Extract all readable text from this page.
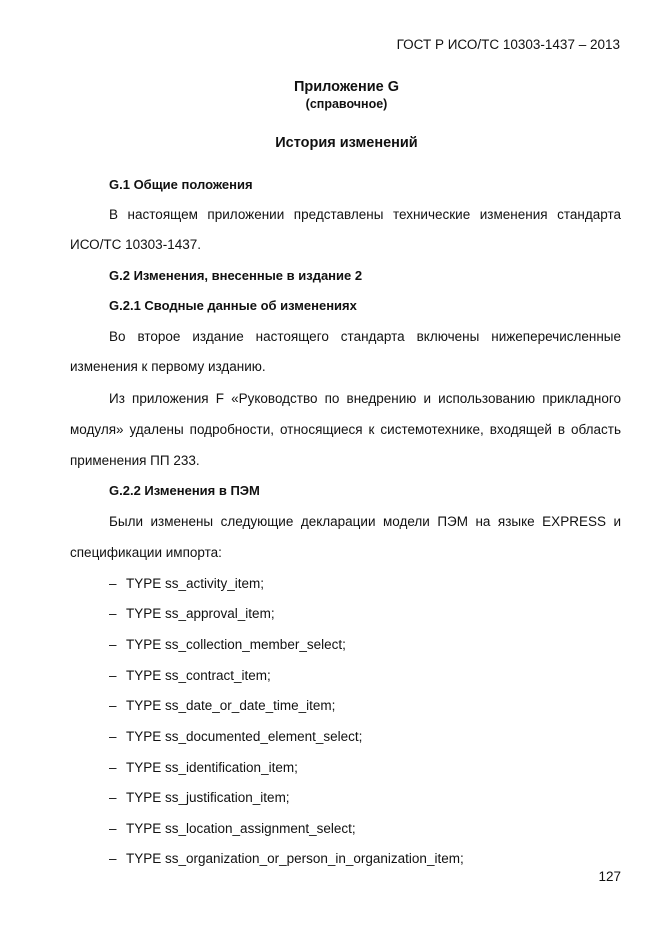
ГОСТ Р ИСО/ТС 10303-1437 – 2013
Приложение G
(справочное)
История изменений
G.1 Общие положения
В настоящем приложении представлены технические изменения стандарта
ИСО/ТС 10303-1437.
G.2 Изменения, внесенные в издание 2
G.2.1 Сводные данные об изменениях
Во второе издание настоящего стандарта включены нижеперечисленные
изменения к первому изданию.
Из приложения F «Руководство по внедрению и использованию прикладного
модуля» удалены подробности, относящиеся к системотехнике, входящей в область
применения ПП 233.
G.2.2 Изменения в ПЭМ
Были изменены следующие декларации модели ПЭМ на языке EXPRESS и
спецификации импорта:
– TYPE ss_activity_item;
– TYPE ss_approval_item;
– TYPE ss_collection_member_select;
– TYPE ss_contract_item;
– TYPE ss_date_or_date_time_item;
– TYPE ss_documented_element_select;
– TYPE ss_identification_item;
– TYPE ss_justification_item;
– TYPE ss_location_assignment_select;
– TYPE ss_organization_or_person_in_organization_item;
127
